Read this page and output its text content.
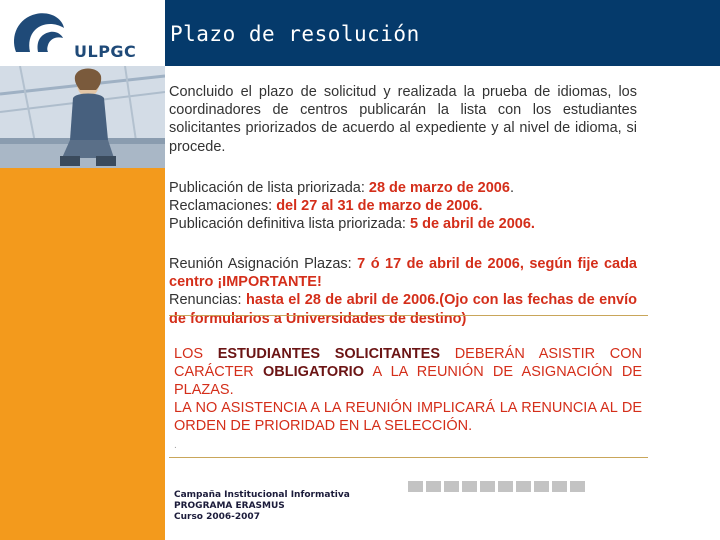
Plazo de resolución
ULPGC
Concluido el plazo de solicitud y realizada la prueba de idiomas, los coordinadores de centros publicarán la lista con los estudiantes solicitantes priorizados de acuerdo al expediente y al nivel de idioma, si procede.
Publicación de lista priorizada: 28 de marzo de 2006.
Reclamaciones: del 27 al 31 de marzo de 2006.
Publicación definitiva lista priorizada: 5 de abril de 2006.
Reunión Asignación Plazas: 7 ó 17 de abril de 2006, según fije cada centro ¡IMPORTANTE!
Renuncias: hasta el 28 de abril de 2006.(Ojo con las fechas de envío de formularios a Universidades de destino)
LOS ESTUDIANTES SOLICITANTES DEBERÁN ASISTIR CON CARÁCTER OBLIGATORIO A LA REUNIÓN DE ASIGNACIÓN DE PLAZAS.
LA NO ASISTENCIA A LA REUNIÓN IMPLICARÁ LA RENUNCIA AL DE ORDEN DE PRIORIDAD EN LA SELECCIÓN.
.
Campaña Institucional Informativa
PROGRAMA ERASMUS
Curso 2006-2007
